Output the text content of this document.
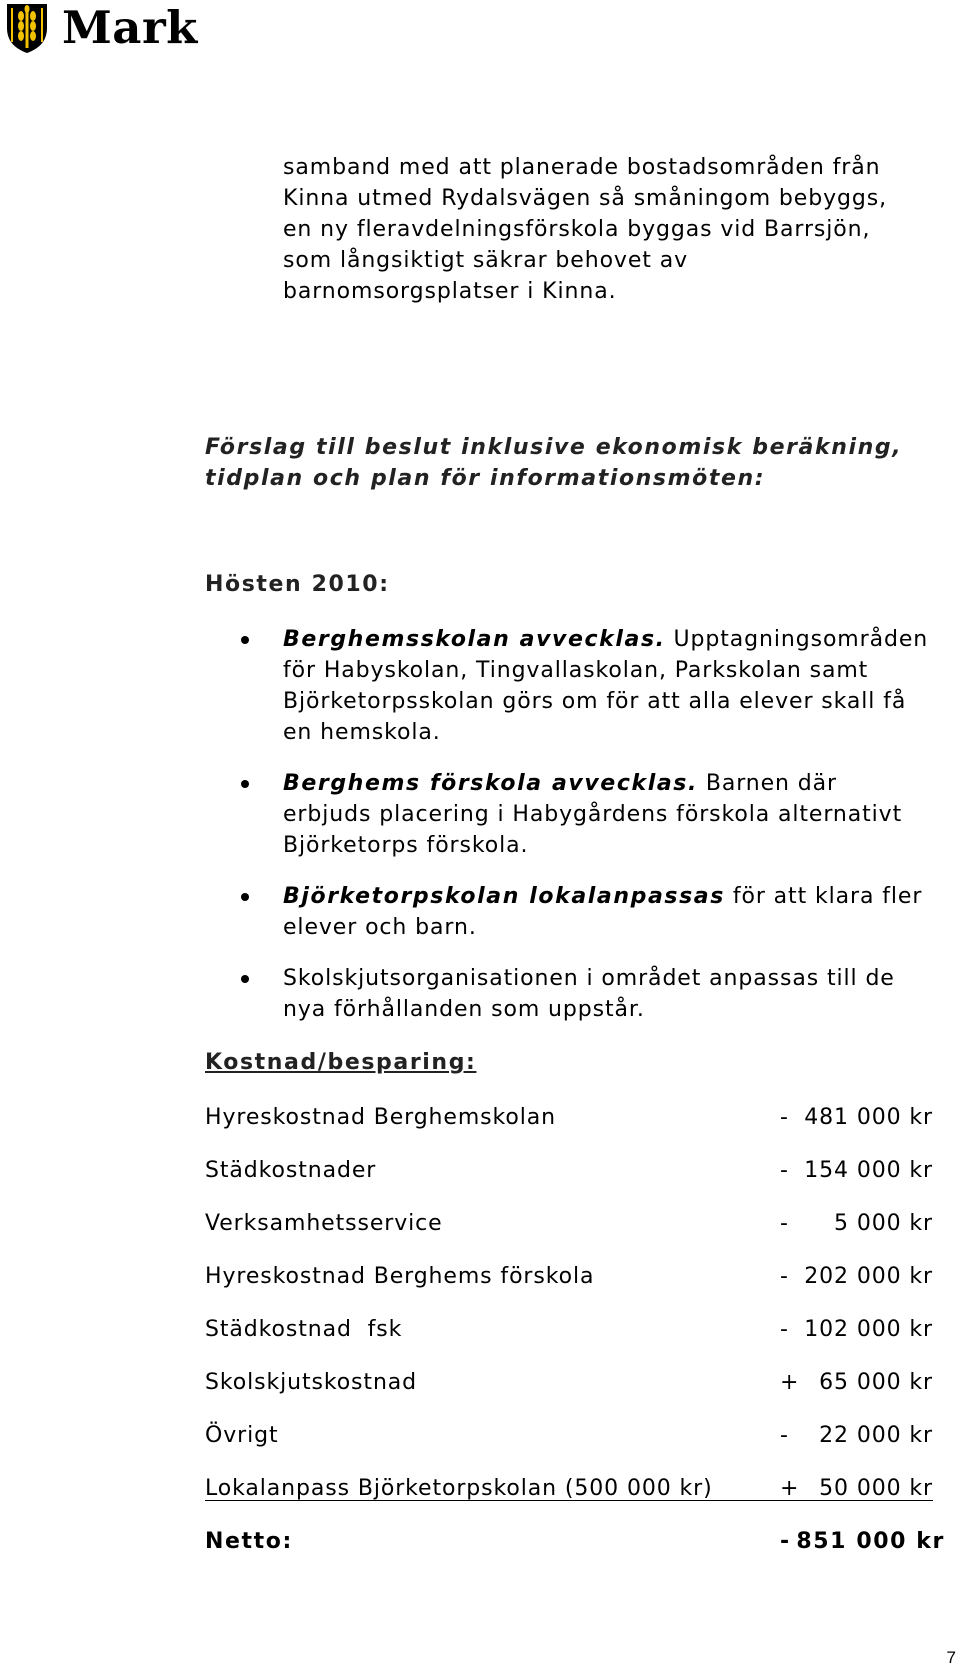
Mark
samband med att planerade bostadsområden från Kinna utmed Rydalsvägen så småningom bebyggs, en ny fleravdelningsförskola byggas vid Barrsjön, som långsiktigt säkrar behovet av barnomsorgsplatser i Kinna.
Förslag till beslut inklusive ekonomisk beräkning, tidplan och plan för informationsmöten:
Hösten 2010:
Berghemsskolan avvecklas. Upptagningsområden för Habyskolan, Tingvallaskolan, Parkskolan samt Björketorpsskolan görs om för att alla elever skall få en hemskola.
Berghems förskola avvecklas. Barnen där erbjuds placering i Habygårdens förskola alternativt Björketorps förskola.
Björketorpskolan lokalanpassas för att klara fler elever och barn.
Skolskjutsorganisationen i området anpassas till de nya förhållanden som uppstår.
Kostnad/besparing:
Hyreskostnad Berghemskolan	- 481 000 kr
Städkostnader	- 154 000 kr
Verksamhetsservice	- 5 000 kr
Hyreskostnad Berghems förskola	- 202 000 kr
Städkostnad  fsk	- 102 000 kr
Skolskjutskostnad	+ 65 000 kr
Övrigt	- 22 000 kr
Lokalanpass Björketorpskolan (500 000 kr)	+ 50 000 kr
Netto:	- 851 000 kr
7
